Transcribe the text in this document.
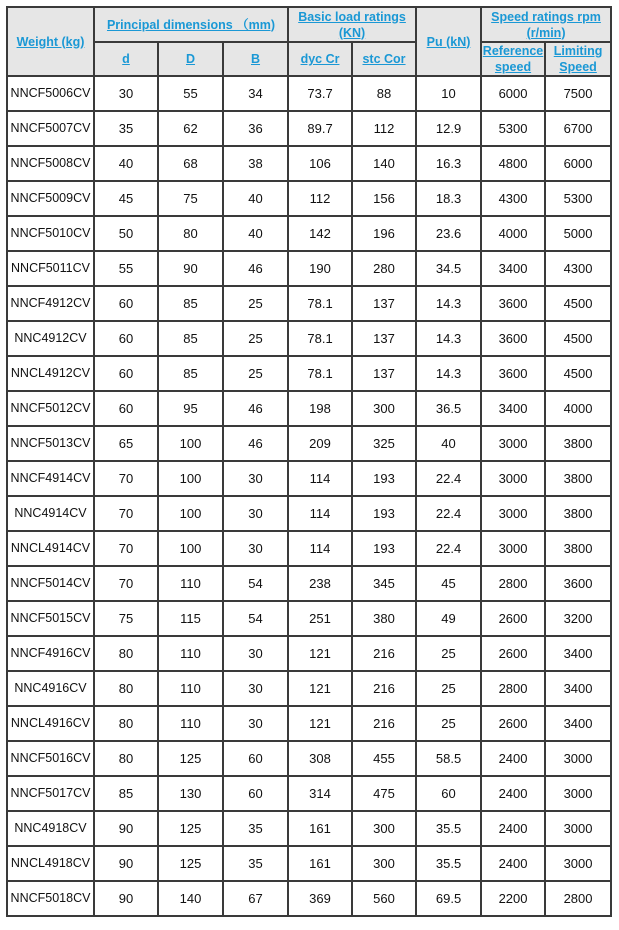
Weight (kg)	Principal dimensions （mm)			Basic load ratings (KN)		Pu (kN)	Speed ratings rpm (r/min)	
	d	D	B	dyc Cr	stc Cor		Reference speed	Limiting Speed
NNCF5006CV	30	55	34	73.7	88	10	6000	7500
NNCF5007CV	35	62	36	89.7	112	12.9	5300	6700
NNCF5008CV	40	68	38	106	140	16.3	4800	6000
NNCF5009CV	45	75	40	112	156	18.3	4300	5300
NNCF5010CV	50	80	40	142	196	23.6	4000	5000
NNCF5011CV	55	90	46	190	280	34.5	3400	4300
NNCF4912CV	60	85	25	78.1	137	14.3	3600	4500
NNC4912CV	60	85	25	78.1	137	14.3	3600	4500
NNCL4912CV	60	85	25	78.1	137	14.3	3600	4500
NNCF5012CV	60	95	46	198	300	36.5	3400	4000
NNCF5013CV	65	100	46	209	325	40	3000	3800
NNCF4914CV	70	100	30	114	193	22.4	3000	3800
NNC4914CV	70	100	30	114	193	22.4	3000	3800
NNCL4914CV	70	100	30	114	193	22.4	3000	3800
NNCF5014CV	70	110	54	238	345	45	2800	3600
NNCF5015CV	75	115	54	251	380	49	2600	3200
NNCF4916CV	80	110	30	121	216	25	2600	3400
NNC4916CV	80	110	30	121	216	25	2800	3400
NNCL4916CV	80	110	30	121	216	25	2600	3400
NNCF5016CV	80	125	60	308	455	58.5	2400	3000
NNCF5017CV	85	130	60	314	475	60	2400	3000
NNC4918CV	90	125	35	161	300	35.5	2400	3000
NNCL4918CV	90	125	35	161	300	35.5	2400	3000
NNCF5018CV	90	140	67	369	560	69.5	2200	2800
